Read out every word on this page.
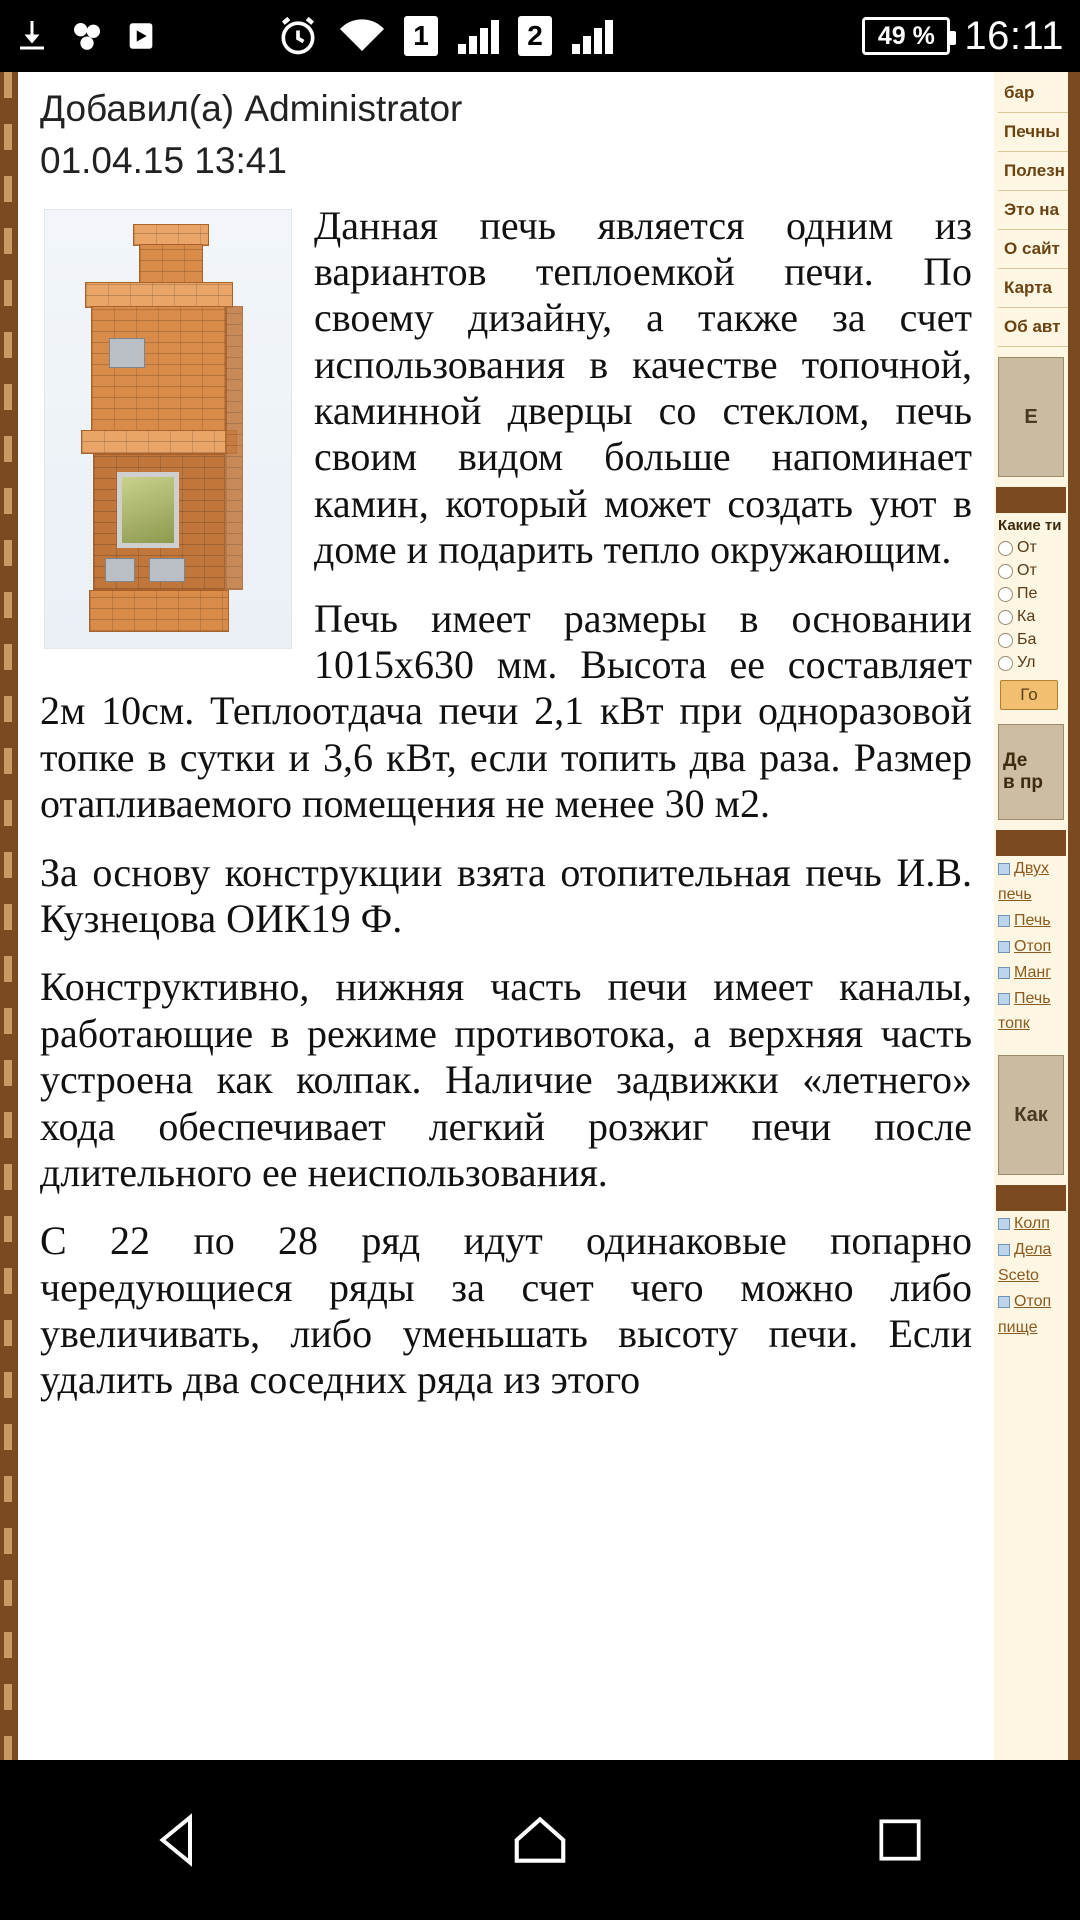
1	2	49 % 16:11
Добавил(а) Administrator
01.04.15 13:41

Данная печь является одним из вариантов теплоемкой печи. По своему дизайну, а также за счет использования в качестве топочной, каминной дверцы со стеклом, печь своим видом больше напоминает камин, который может создать уют в доме и подарить тепло окружающим.

Печь имеет размеры в основании 1015х630 мм. Высота ее составляет 2м 10см. Теплоотдача печи 2,1 кВт при одноразовой топке в сутки и 3,6 кВт, если топить два раза. Размер отапливаемого помещения не менее 30 м2.

За основу конструкции взята отопительная печь И.В. Кузнецова ОИК19 Ф.

Конструктивно, нижняя часть печи имеет каналы, работающие в режиме противотока, а верхняя часть устроена как колпак. Наличие задвижки «летнего» хода обеспечивает легкий розжиг печи после длительного ее неиспользования.

С 22 по 28 ряд идут одинаковые попарно чередующиеся ряды за счет чего можно либо увеличивать, либо уменьшать высоту печи. Если удалить два соседних ряда из этого

бар
Печны
Полезн
Это на
О сайт
Карта
Об авт
Е
Какие ти
От
От
Пе
Ка
Ба
Ул
Го
Де
в пр
Двух
печь
Печь
Отоп
Манг
Печь
топк
Как
Колп
Дела
Sceto
Отоп
пище
